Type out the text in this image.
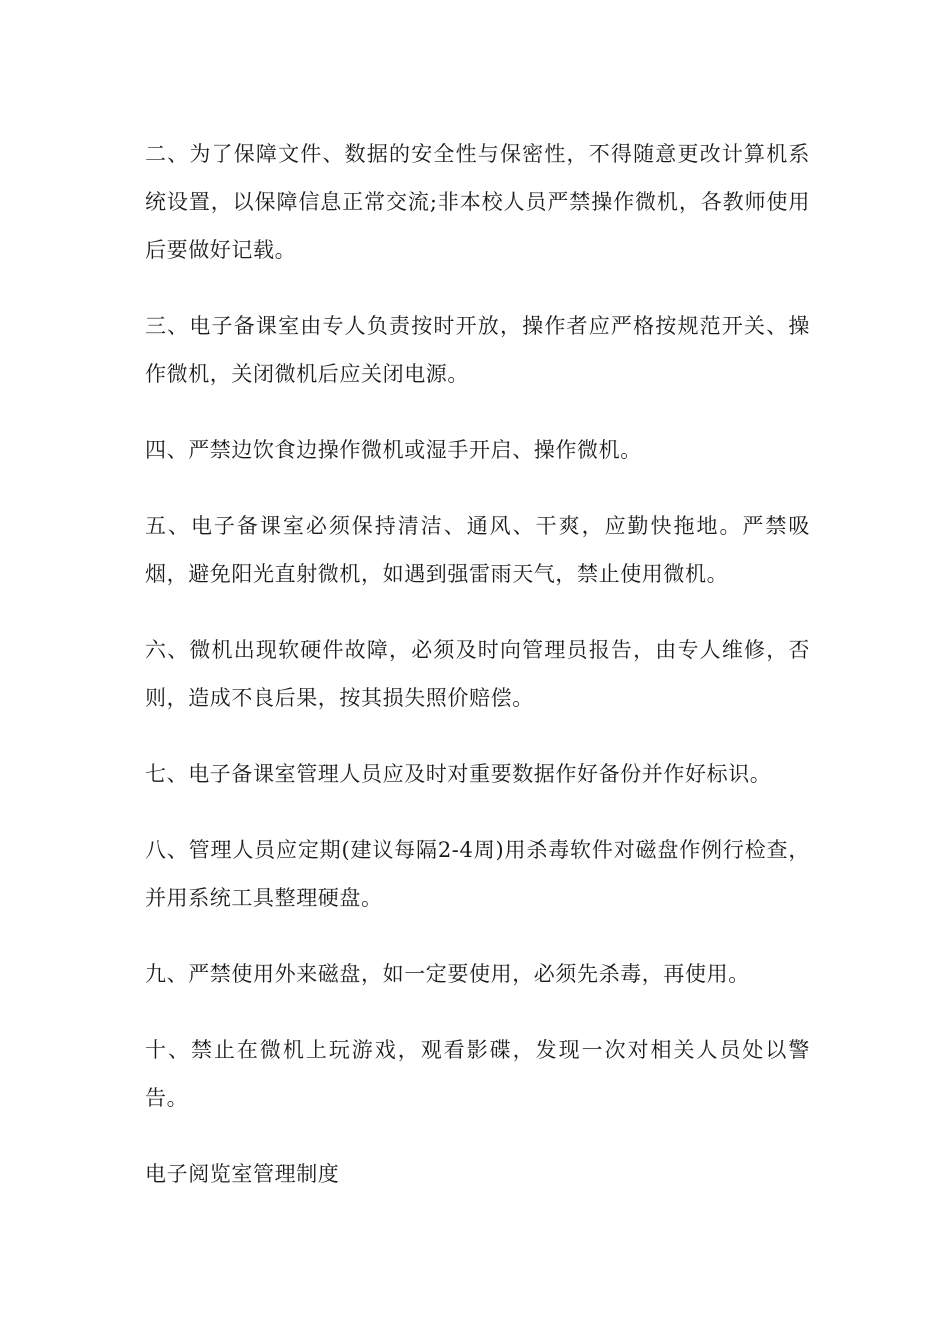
二、为了保障文件、数据的安全性与保密性，不得随意更改计算机系统设置，以保障信息正常交流;非本校人员严禁操作微机，各教师使用后要做好记载。

三、电子备课室由专人负责按时开放，操作者应严格按规范开关、操作微机，关闭微机后应关闭电源。

四、严禁边饮食边操作微机或湿手开启、操作微机。

五、电子备课室必须保持清洁、通风、干爽，应勤快拖地。严禁吸烟，避免阳光直射微机，如遇到强雷雨天气，禁止使用微机。

六、微机出现软硬件故障，必须及时向管理员报告，由专人维修，否则，造成不良后果，按其损失照价赔偿。

七、电子备课室管理人员应及时对重要数据作好备份并作好标识。

八、管理人员应定期(建议每隔2-4周)用杀毒软件对磁盘作例行检查，并用系统工具整理硬盘。

九、严禁使用外来磁盘，如一定要使用，必须先杀毒，再使用。

十、禁止在微机上玩游戏，观看影碟，发现一次对相关人员处以警告。

电子阅览室管理制度
